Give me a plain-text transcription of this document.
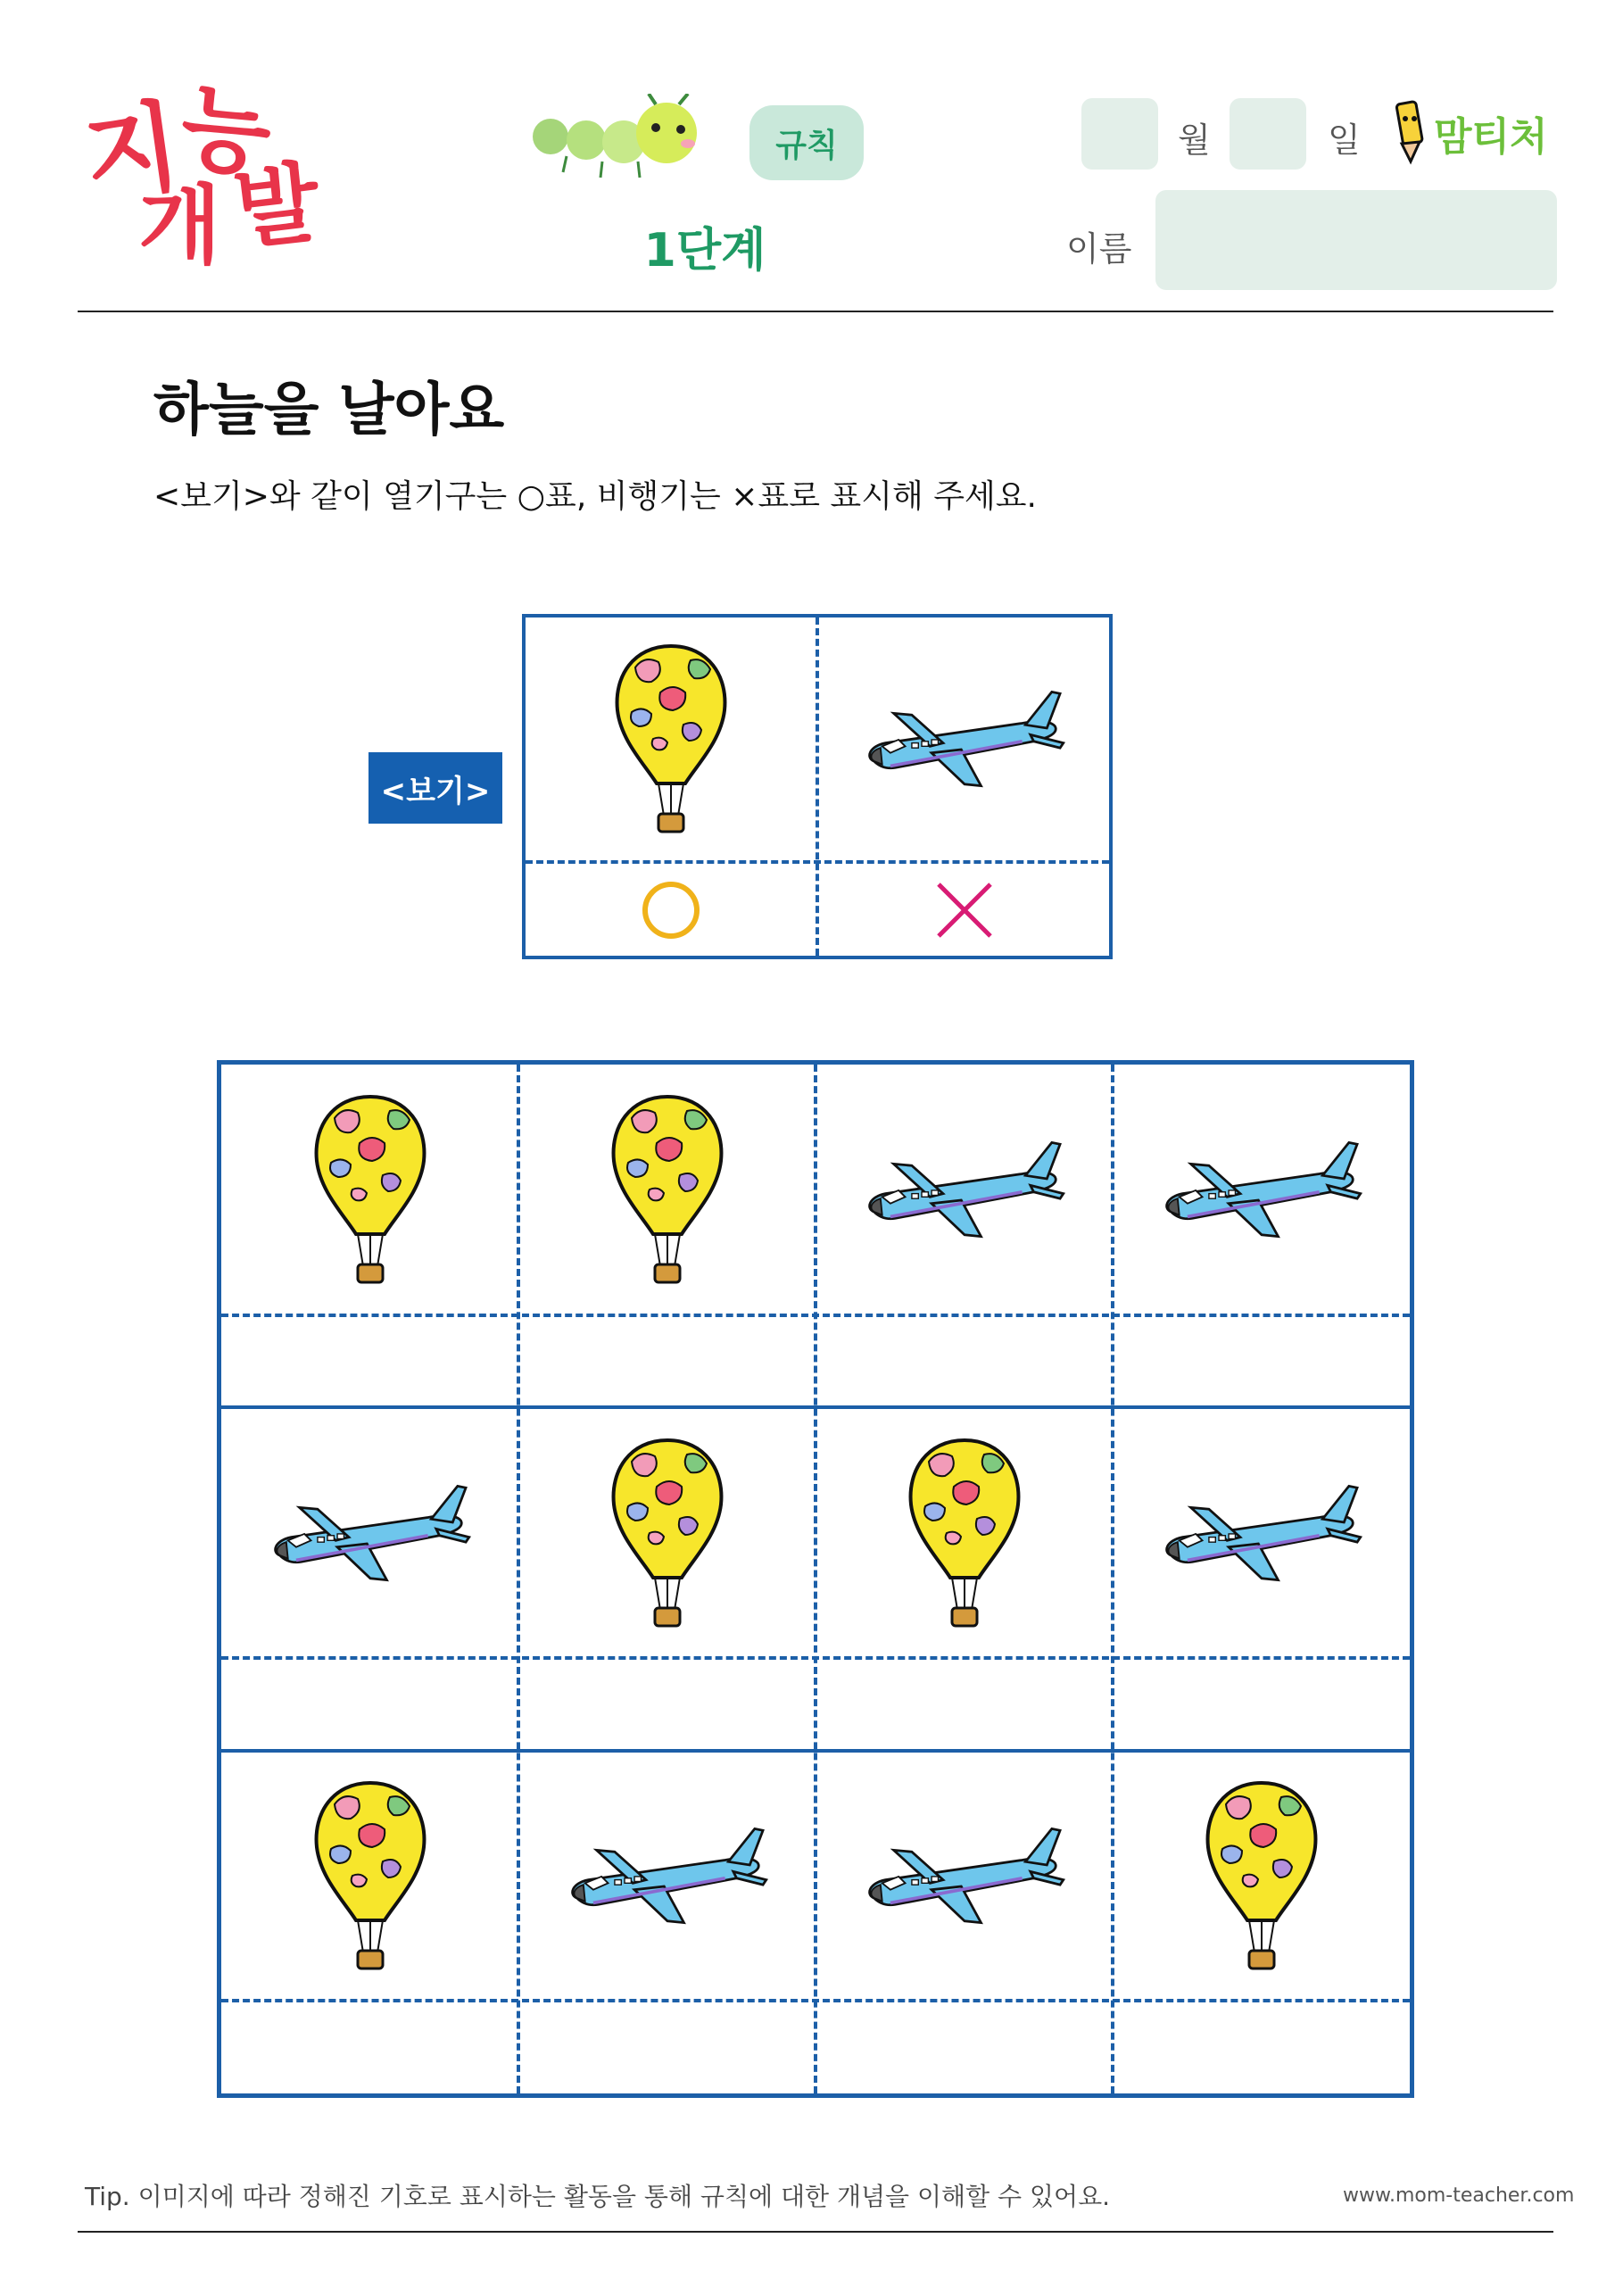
지
능
개 발
규칙
1단계
월	일
이름
맘티처
하늘을 날아요
<보기>와 같이 열기구는 ○표, 비행기는 ×표로 표시해 주세요.
<보기>
Tip. 이미지에 따라 정해진 기호로 표시하는 활동을 통해 규칙에 대한 개념을 이해할 수 있어요.	www.mom-teacher.com
